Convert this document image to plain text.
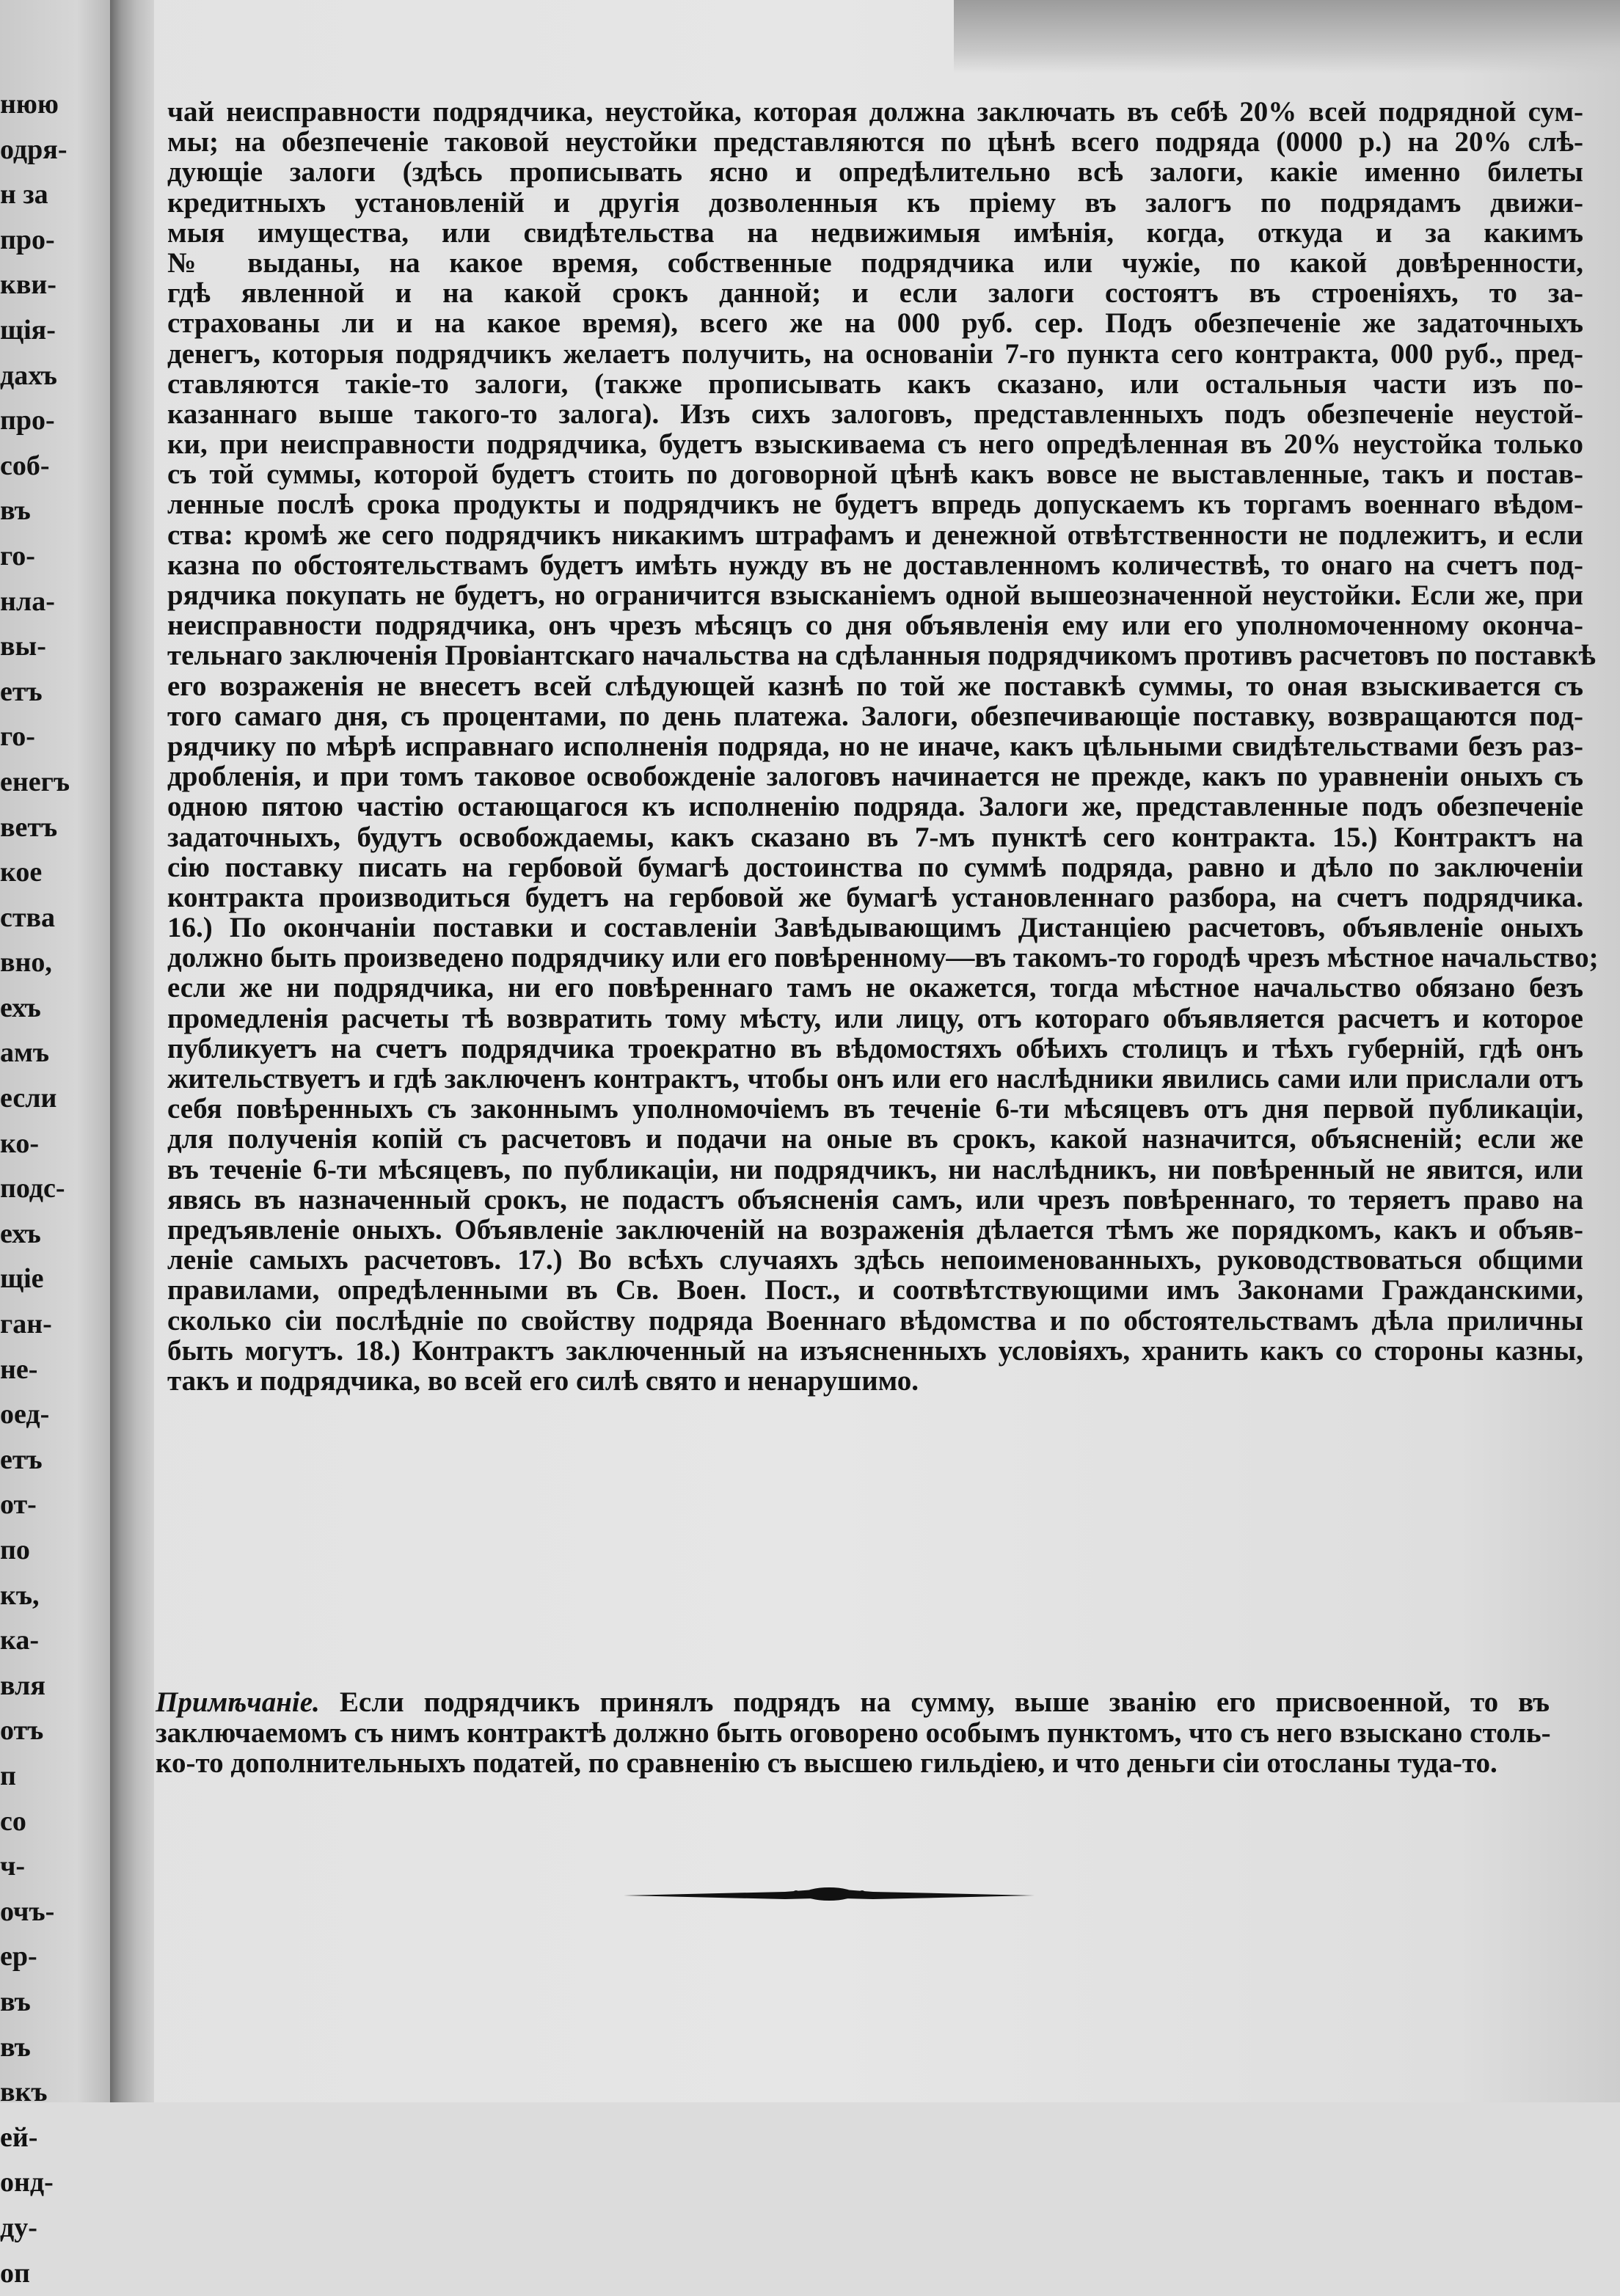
нюю
одря-
н за
про-
кви-
щія-
дахъ
про-
соб-
въ
го-
нла-
вы-
етъ
го-
енегъ
ветъ
кое
ства
вно,
ехъ
амъ
если
ко-
подс-
ехъ
щіе
ган-
не-
оед-
етъ
от-
по
къ,
ка-
вля
отъ
п
со
ч-
очъ-
ер-
въ
въ
вкъ
ей-
онд-
ду-
оп
чай неисправности подрядчика, неустойка, которая должна заключать въ себѣ 20% всей подрядной сум-
мы; на обезпеченіе таковой неустойки представляются по цѣнѣ всего подряда (0000 р.) на 20% слѣ-
дующіе залоги (здѣсь прописывать ясно и опредѣлительно всѣ залоги, какіе именно билеты
кредитныхъ установленій и другія дозволенныя къ пріему въ залогъ по подрядамъ движи-
мыя имущества, или свидѣтельства на недвижимыя имѣнія, когда, откуда и за какимъ
№ выданы, на какое время, собственные подрядчика или чужіе, по какой довѣренности,
гдѣ явленной и на какой срокъ данной; и если залоги состоятъ въ строеніяхъ, то за-
страхованы ли и на какое время), всего же на 000 руб. сер. Подъ обезпеченіе же задаточныхъ
денегъ, которыя подрядчикъ желаетъ получить, на основаніи 7-го пункта сего контракта, 000 руб., пред-
ставляются такіе-то залоги, (также прописывать какъ сказано, или остальныя части изъ по-
казаннаго выше такого-то залога). Изъ сихъ залоговъ, представленныхъ подъ обезпеченіе неустой-
ки, при неисправности подрядчика, будетъ взыскиваема съ него опредѣленная въ 20% неустойка только
съ той суммы, которой будетъ стоить по договорной цѣнѣ какъ вовсе не выставленные, такъ и постав-
ленные послѣ срока продукты и подрядчикъ не будетъ впредь допускаемъ къ торгамъ военнаго вѣдом-
ства: кромѣ же сего подрядчикъ никакимъ штрафамъ и денежной отвѣтственности не подлежитъ, и если
казна по обстоятельствамъ будетъ имѣть нужду въ не доставленномъ количествѣ, то онаго на счетъ под-
рядчика покупать не будетъ, но ограничится взысканіемъ одной вышеозначенной неустойки. Если же, при
неисправности подрядчика, онъ чрезъ мѣсяцъ со дня объявленія ему или его уполномоченному оконча-
тельнаго заключенія Провіантскаго начальства на сдѣланныя подрядчикомъ противъ расчетовъ по поставкѣ
его возраженія не внесетъ всей слѣдующей казнѣ по той же поставкѣ суммы, то оная взыскивается съ
того самаго дня, съ процентами, по день платежа. Залоги, обезпечивающіе поставку, возвращаются под-
рядчику по мѣрѣ исправнаго исполненія подряда, но не иначе, какъ цѣльными свидѣтельствами безъ раз-
дробленія, и при томъ таковое освобожденіе залоговъ начинается не прежде, какъ по уравненіи оныхъ съ
одною пятою частію остающагося къ исполненію подряда. Залоги же, представленные подъ обезпеченіе
задаточныхъ, будутъ освобождаемы, какъ сказано въ 7-мъ пунктѣ сего контракта. 15.) Контрактъ на
сію поставку писать на гербовой бумагѣ достоинства по суммѣ подряда, равно и дѣло по заключеніи
контракта производиться будетъ на гербовой же бумагѣ установленнаго разбора, на счетъ подрядчика.
16.) По окончаніи поставки и составленіи Завѣдывающимъ Дистанціею расчетовъ, объявленіе оныхъ
должно быть произведено подрядчику или его повѣренному—въ такомъ-то городѣ чрезъ мѣстное начальство;
если же ни подрядчика, ни его повѣреннаго тамъ не окажется, тогда мѣстное начальство обязано безъ
промедленія расчеты тѣ возвратить тому мѣсту, или лицу, отъ котораго объявляется расчетъ и которое
публикуетъ на счетъ подрядчика троекратно въ вѣдомостяхъ обѣихъ столицъ и тѣхъ губерній, гдѣ онъ
жительствуетъ и гдѣ заключенъ контрактъ, чтобы онъ или его наслѣдники явились сами или прислали отъ
себя повѣренныхъ съ законнымъ уполномочіемъ въ теченіе 6-ти мѣсяцевъ отъ дня первой публикаціи,
для полученія копій съ расчетовъ и подачи на оные въ срокъ, какой назначится, объясненій; если же
въ теченіе 6-ти мѣсяцевъ, по публикаціи, ни подрядчикъ, ни наслѣдникъ, ни повѣренный не явится, или
явясь въ назначенный срокъ, не подастъ объясненія самъ, или чрезъ повѣреннаго, то теряетъ право на
предъявленіе оныхъ. Объявленіе заключеній на возраженія дѣлается тѣмъ же порядкомъ, какъ и объяв-
леніе самыхъ расчетовъ. 17.) Во всѣхъ случаяхъ здѣсь непоименованныхъ, руководствоваться общими
правилами, опредѣленными въ Св. Воен. Пост., и соотвѣтствующими имъ Законами Гражданскими,
сколько сіи послѣдніе по свойству подряда Военнаго вѣдомства и по обстоятельствамъ дѣла приличны
быть могутъ. 18.) Контрактъ заключенный на изъясненныхъ условіяхъ, хранить какъ со стороны казны,
такъ и подрядчика, во всей его силѣ свято и ненарушимо.
Примѣчаніе. Если подрядчикъ принялъ подрядъ на сумму, выше званію его присвоенной, то въ
заключаемомъ съ нимъ контрактѣ должно быть оговорено особымъ пунктомъ, что съ него взыскано столь-
ко-то дополнительныхъ податей, по сравненію съ высшею гильдіею, и что деньги сіи отосланы туда-то.
